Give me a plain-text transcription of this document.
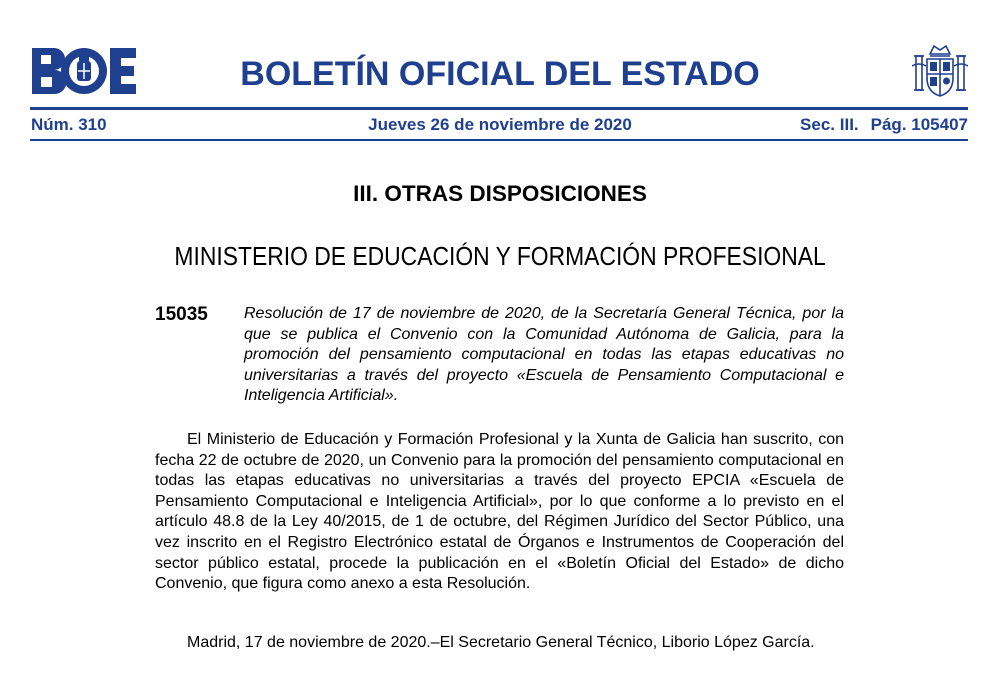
BOLETÍN OFICIAL DEL ESTADO
Núm. 310	Jueves 26 de noviembre de 2020	Sec. III. Pág. 105407
III. OTRAS DISPOSICIONES
MINISTERIO DE EDUCACIÓN Y FORMACIÓN PROFESIONAL
15035 Resolución de 17 de noviembre de 2020, de la Secretaría General Técnica, por la que se publica el Convenio con la Comunidad Autónoma de Galicia, para la promoción del pensamiento computacional en todas las etapas educativas no universitarias a través del proyecto «Escuela de Pensamiento Computacional e Inteligencia Artificial».

El Ministerio de Educación y Formación Profesional y la Xunta de Galicia han suscrito, con fecha 22 de octubre de 2020, un Convenio para la promoción del pensamiento computacional en todas las etapas educativas no universitarias a través del proyecto EPCIA «Escuela de Pensamiento Computacional e Inteligencia Artificial», por lo que conforme a lo previsto en el artículo 48.8 de la Ley 40/2015, de 1 de octubre, del Régimen Jurídico del Sector Público, una vez inscrito en el Registro Electrónico estatal de Órganos e Instrumentos de Cooperación del sector público estatal, procede la publicación en el «Boletín Oficial del Estado» de dicho Convenio, que figura como anexo a esta Resolución.

Madrid, 17 de noviembre de 2020.–El Secretario General Técnico, Liborio López García.
